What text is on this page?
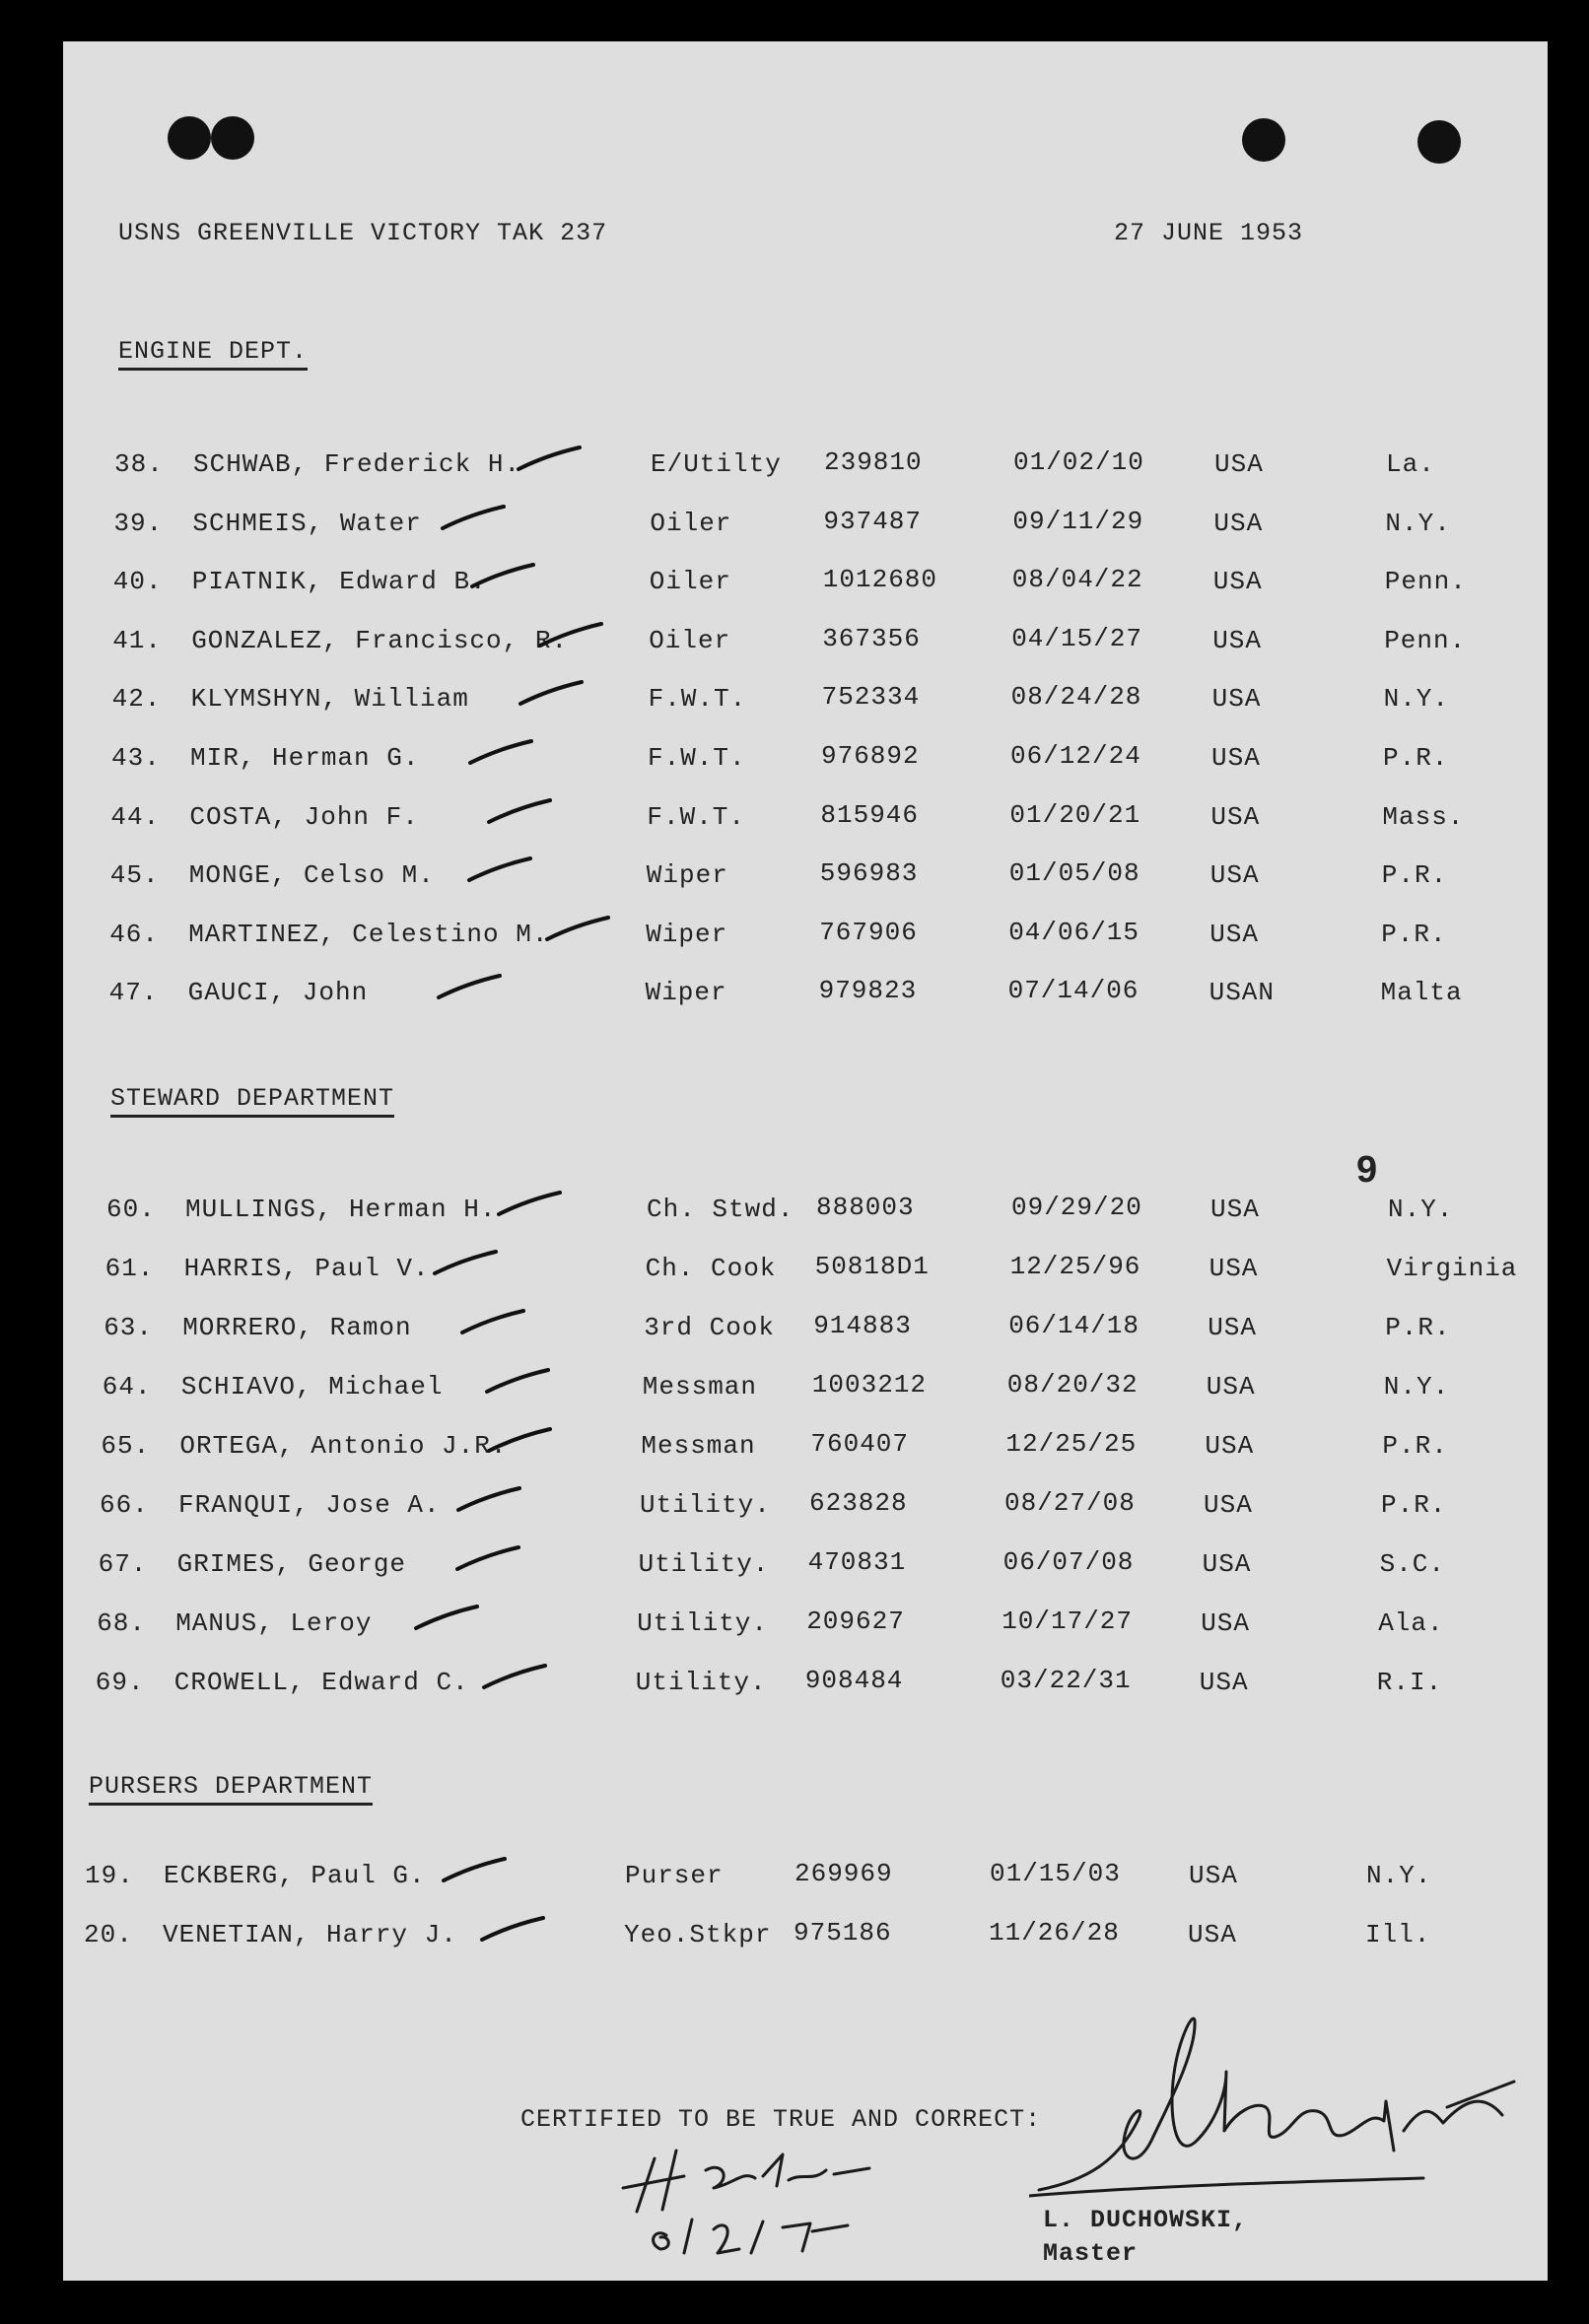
USNS GREENVILLE VICTORY TAK 237	27 JUNE 1953
ENGINE DEPT.
38. SCHWAB, Frederick H.	E/Utilty 239810	01/02/10	USA	La.
39. SCHMEIS, Water	Oiler	937487	09/11/29	USA	N.Y.
40. PIATNIK, Edward B.	Oiler	1012680	08/04/22	USA	Penn.
41. GONZALEZ, Francisco, R.	Oiler	367356	04/15/27	USA	Penn.
42. KLYMSHYN, William	F.W.T.	752334	08/24/28	USA	N.Y.
43. MIR, Herman G.	F.W.T.	976892	06/12/24	USA	P.R.
44. COSTA, John F.	F.W.T.	815946	01/20/21	USA	Mass.
45. MONGE, Celso M.	Wiper	596983	01/05/08	USA	P.R.
46. MARTINEZ, Celestino M.	Wiper	767906	04/06/15	USA	P.R.
47. GAUCI, John	Wiper	979823	07/14/06	USAN	Malta
STEWARD DEPARTMENT
9
60. MULLINGS, Herman H.	Ch. Stwd. 888003	09/29/20	USA	N.Y.
61. HARRIS, Paul V.	Ch. Cook 50818D1	12/25/96	USA	Virginia
63. MORRERO, Ramon	3rd Cook 914883	06/14/18	USA	P.R.
64. SCHIAVO, Michael	Messman 1003212	08/20/32	USA	N.Y.
65. ORTEGA, Antonio J.R.	Messman 760407	12/25/25	USA	P.R.
66. FRANQUI, Jose A.	Utility. 623828	08/27/08	USA	P.R.
67. GRIMES, George	Utility. 470831	06/07/08	USA	S.C.
68. MANUS, Leroy	Utility. 209627	10/17/27	USA	Ala.
69. CROWELL, Edward C.	Utility. 908484	03/22/31	USA	R.I.
PURSERS DEPARTMENT
19. ECKBERG, Paul G.	Purser	269969	01/15/03	USA	N.Y.
20. VENETIAN, Harry J.	Yeo.Stkpr 975186	11/26/28	USA	Ill.
CERTIFIED TO BE TRUE AND CORRECT:
L. DUCHOWSKI,
Master
